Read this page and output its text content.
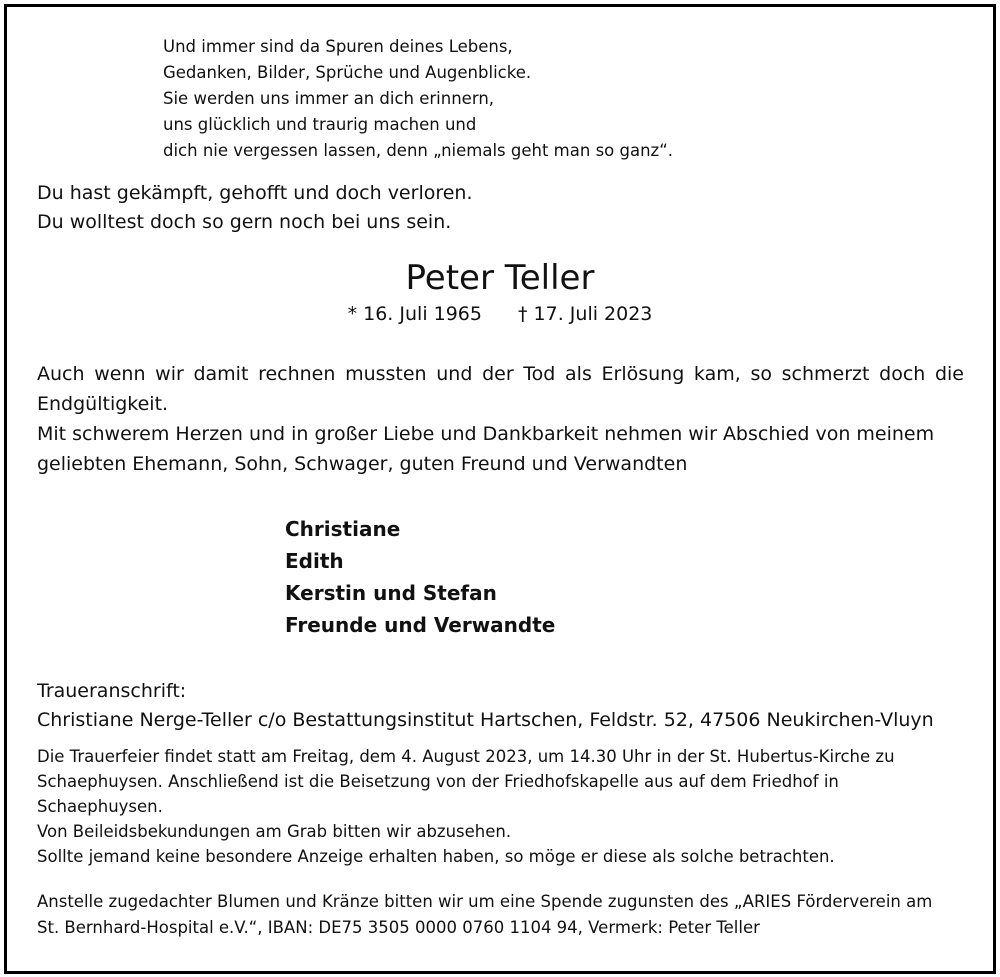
Und immer sind da Spuren deines Lebens,
Gedanken, Bilder, Sprüche und Augenblicke.
Sie werden uns immer an dich erinnern,
uns glücklich und traurig machen und
dich nie vergessen lassen, denn „niemals geht man so ganz“.
Du hast gekämpft, gehofft und doch verloren.
Du wolltest doch so gern noch bei uns sein.
Peter Teller
* 16. Juli 1965 † 17. Juli 2023

Auch wenn wir damit rechnen mussten und der Tod als Erlösung kam, so schmerzt doch die Endgültigkeit.

Mit schwerem Herzen und in großer Liebe und Dankbarkeit nehmen wir Abschied von meinem geliebten Ehemann, Sohn, Schwager, guten Freund und Verwandten

Christiane
Edith
Kerstin und Stefan
Freunde und Verwandte
Traueranschrift:
Christiane Nerge-Teller c/o Bestattungsinstitut Hartschen, Feldstr. 52, 47506 Neukirchen-Vluyn
Die Trauerfeier findet statt am Freitag, dem 4. August 2023, um 14.30 Uhr in der St. Hubertus-Kirche zu
Schaephuysen. Anschließend ist die Beisetzung von der Friedhofskapelle aus auf dem Friedhof in
Schaephuysen.
Von Beileidsbekundungen am Grab bitten wir abzusehen.
Sollte jemand keine besondere Anzeige erhalten haben, so möge er diese als solche betrachten.
Anstelle zugedachter Blumen und Kränze bitten wir um eine Spende zugunsten des „ARIES Förderverein am
St. Bernhard-Hospital e.V.“, IBAN: DE75 3505 0000 0760 1104 94, Vermerk: Peter Teller
